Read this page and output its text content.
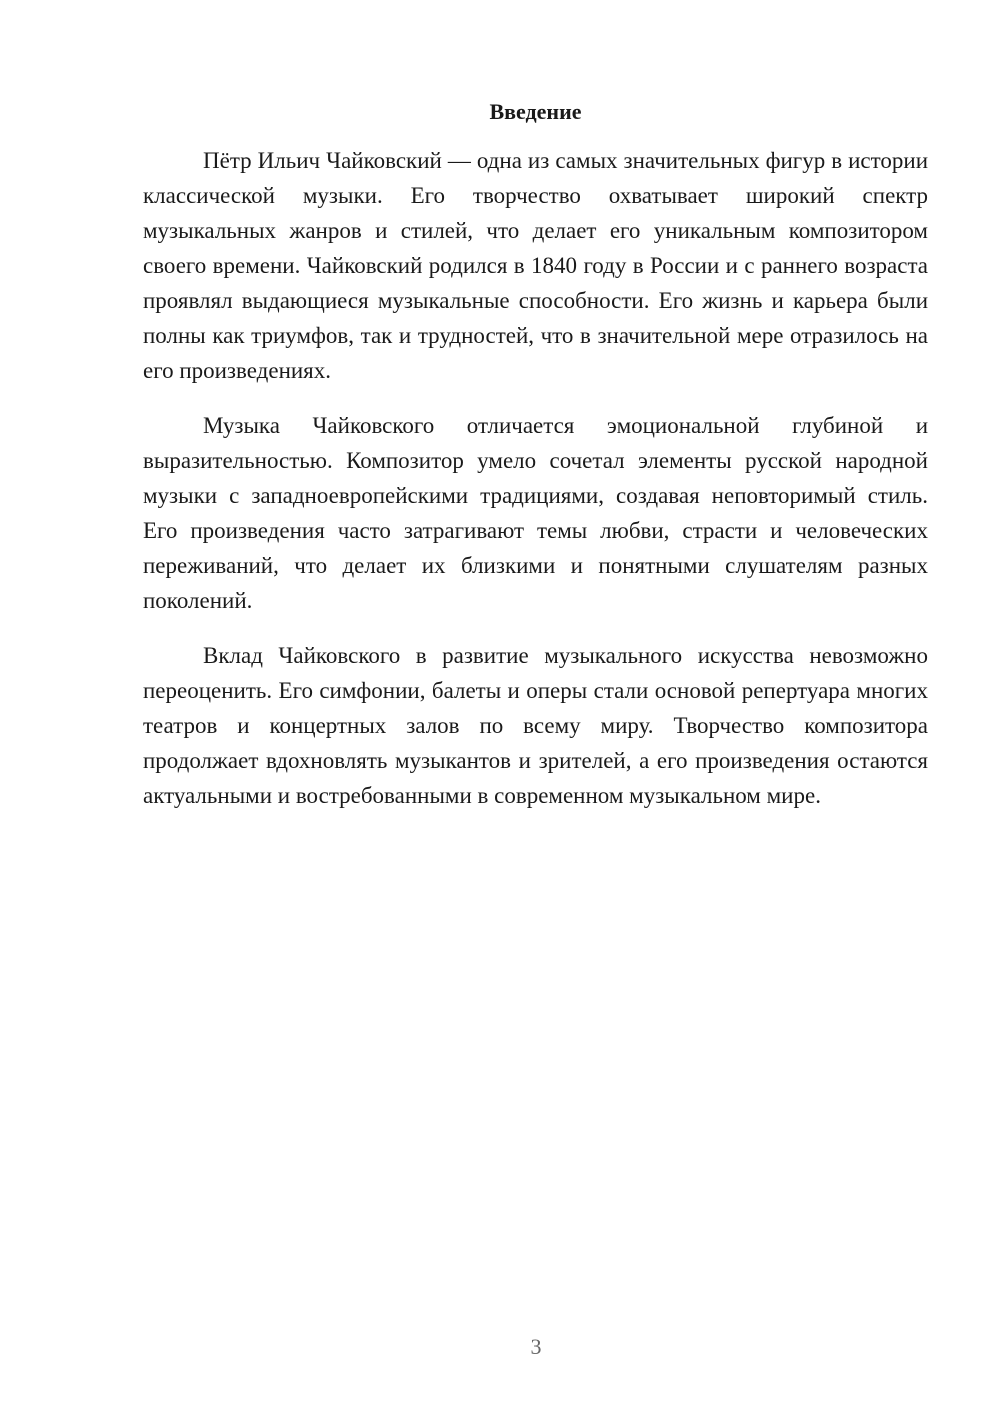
Введение

Пётр Ильич Чайковский — одна из самых значительных фигур в истории классической музыки. Его творчество охватывает широкий спектр музыкальных жанров и стилей, что делает его уникальным композитором своего времени. Чайковский родился в 1840 году в России и с раннего возраста проявлял выдающиеся музыкальные способности. Его жизнь и карьера были полны как триумфов, так и трудностей, что в значительной мере отразилось на его произведениях.

Музыка Чайковского отличается эмоциональной глубиной и выразительностью. Композитор умело сочетал элементы русской народной музыки с западноевропейскими традициями, создавая неповторимый стиль. Его произведения часто затрагивают темы любви, страсти и человеческих переживаний, что делает их близкими и понятными слушателям разных поколений.

Вклад Чайковского в развитие музыкального искусства невозможно переоценить. Его симфонии, балеты и оперы стали основой репертуара многих театров и концертных залов по всему миру. Творчество композитора продолжает вдохновлять музыкантов и зрителей, а его произведения остаются актуальными и востребованными в современном музыкальном мире.

3
